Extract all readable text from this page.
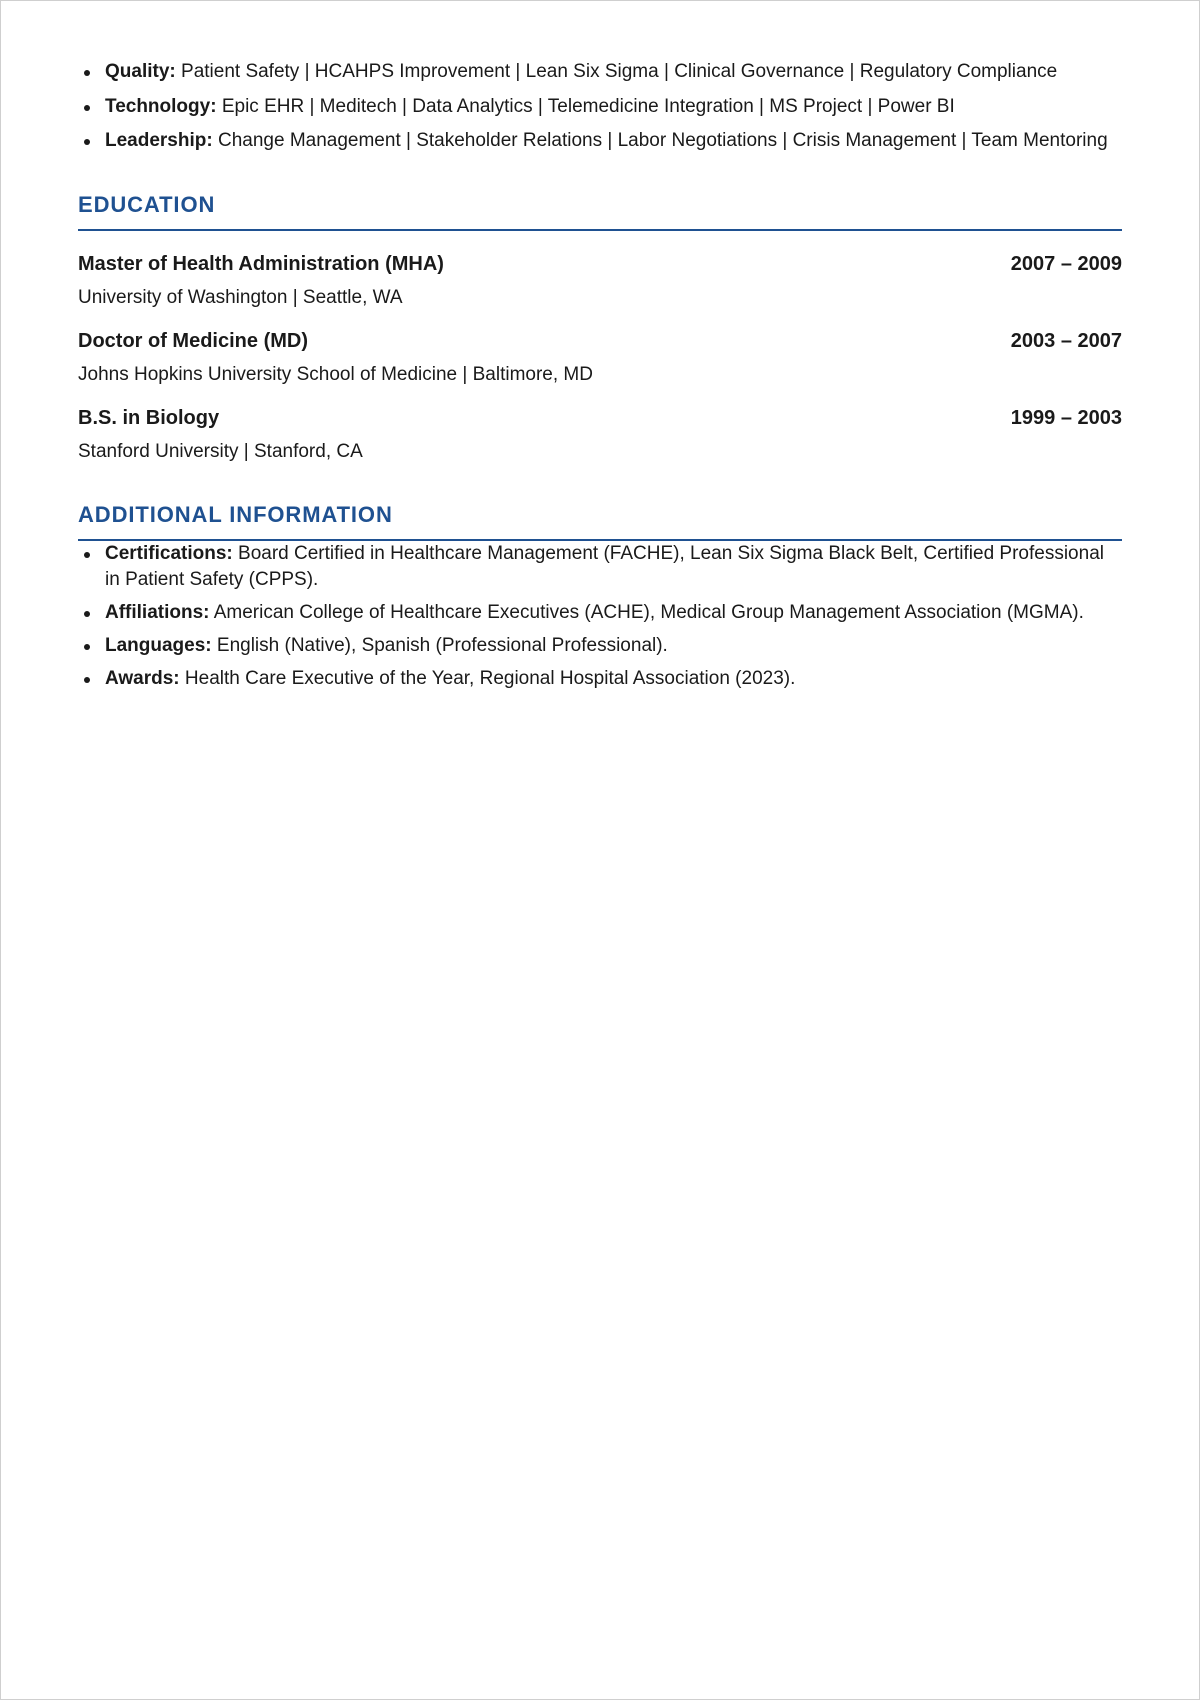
Quality: Patient Safety | HCAHPS Improvement | Lean Six Sigma | Clinical Governance | Regulatory Compliance
Technology: Epic EHR | Meditech | Data Analytics | Telemedicine Integration | MS Project | Power BI
Leadership: Change Management | Stakeholder Relations | Labor Negotiations | Crisis Management | Team Mentoring
EDUCATION
Master of Health Administration (MHA)	2007 – 2009
University of Washington | Seattle, WA
Doctor of Medicine (MD)	2003 – 2007
Johns Hopkins University School of Medicine | Baltimore, MD
B.S. in Biology	1999 – 2003
Stanford University | Stanford, CA
ADDITIONAL INFORMATION
Certifications: Board Certified in Healthcare Management (FACHE), Lean Six Sigma Black Belt, Certified Professional in Patient Safety (CPPS).
Affiliations: American College of Healthcare Executives (ACHE), Medical Group Management Association (MGMA).
Languages: English (Native), Spanish (Professional Professional).
Awards: Health Care Executive of the Year, Regional Hospital Association (2023).
